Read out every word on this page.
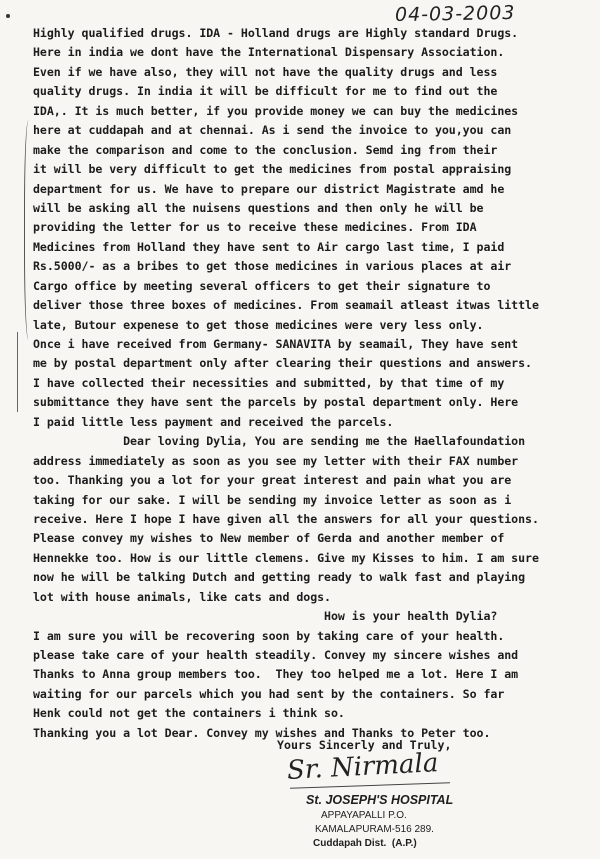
04-03-2003
Highly qualified drugs. IDA - Holland drugs are Highly standard Drugs.
Here in india we dont have the International Dispensary Association.
Even if we have also, they will not have the quality drugs and less
quality drugs. In india it will be difficult for me to find out the
IDA,. It is much better, if you provide money we can buy the medicines
here at cuddapah and at chennai. As i send the invoice to you,you can
make the comparison and come to the conclusion. Semd ing from their
it will be very difficult to get the medicines from postal appraising
department for us. We have to prepare our district Magistrate amd he
will be asking all the nuisens questions and then only he will be
providing the letter for us to receive these medicines. From IDA
Medicines from Holland they have sent to Air cargo last time, I paid
Rs.5000/- as a bribes to get those medicines in various places at air
Cargo office by meeting several officers to get their signature to
deliver those three boxes of medicines. From seamail atleast itwas little
late, Butour expenese to get those medicines were very less only.
Once i have received from Germany- SANAVITA by seamail, They have sent
me by postal department only after clearing their questions and answers.
I have collected their necessities and submitted, by that time of my
submittance they have sent the parcels by postal department only. Here
I paid little less payment and received the parcels.
Dear loving Dylia, You are sending me the Haellafoundation
address immediately as soon as you see my letter with their FAX number
too. Thanking you a lot for your great interest and pain what you are
taking for our sake. I will be sending my invoice letter as soon as i
receive. Here I hope I have given all the answers for all your questions.
Please convey my wishes to New member of Gerda and another member of
Hennekke too. How is our little clemens. Give my Kisses to him. I am sure
now he will be talking Dutch and getting ready to walk fast and playing
lot with house animals, like cats and dogs.
How is your health Dylia?
I am sure you will be recovering soon by taking care of your health.
please take care of your health steadily. Convey my sincere wishes and
Thanks to Anna group members too.  They too helped me a lot. Here I am
waiting for our parcels which you had sent by the containers. So far
Henk could not get the containers i think so.
Thanking you a lot Dear. Convey my wishes and Thanks to Peter too.
Yours Sincerly and Truly,
Sr. Nirmala
St. JOSEPH'S HOSPITAL
APPAYAPALLI P.O.
KAMALAPURAM-516 289.
Cuddapah Dist.  (A.P.)
